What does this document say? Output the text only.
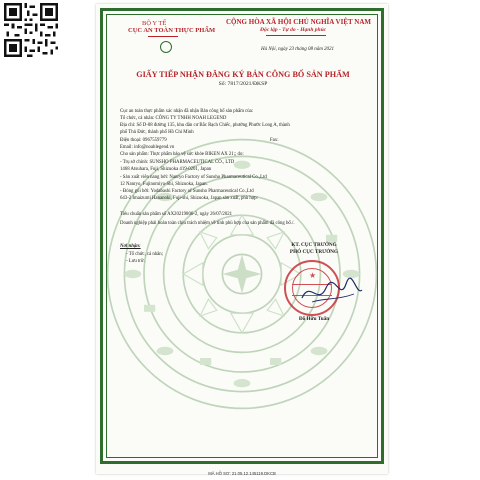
BỘ Y TẾ
CỤC AN TOÀN THỰC PHẨM
CỘNG HÒA XÃ HỘI CHỦ NGHĨA VIỆT NAM
Độc lập - Tự do - Hạnh phúc
Hà Nội, ngày 23 tháng 08 năm 2021
GIẤY TIẾP NHẬN ĐĂNG KÝ BẢN CÔNG BỐ SẢN PHẨM
Số: 7817/2021/ĐKSP
Cục an toàn thực phẩm xác nhận đã nhận Bản công bố sản phẩm của:
Tổ chức, cá nhân: CÔNG TY TNHH NOAH LEGEND
Địa chỉ: Số D-08 đường 135, khu dân cư Bắc Rạch Chiếc, phường Phước Long A, thành
phố Thủ Đức, thành phố Hồ Chí Minh
Điện thoại: 0967559779	Fax:
Email: info@noahlegend.vn
Cho sản phẩm: Thực phẩm bảo vệ sức khỏe BIKEN AX 21;; do:
- Trụ sở chính: SUNSHO PHARMACEUTICAL CO., LTD
1468 Atsuhara, Fuji, Shizuoka 419-0201, Japan
- Sản xuất viên nang bởi: Nanryo Factory of Sunsho Pharmaceutical Co.,Ltd
12 Nanryo, Fujinomiya-Shi, Shizuoka, Japan.
- Đóng gói bởi: Yodabashi Factory of Sunsho Pharmaceutical Co.,Ltd
643-2 Imaizumi Hananoki, Fuji-shi, Shizuoka, Japan sản xuất, phù hợp:
Tiêu chuẩn sản phẩm số AX20219806-2, ngày 26/07/2021
Doanh nghiệp phải hoàn toàn chịu trách nhiệm về tính phù hợp của sản phẩm đã công bố./.
Nơi nhận:
- Tổ chức, cá nhân;
- Lưu trữ.
KT. CỤC TRƯỞNG
PHÓ CỤC TRƯỞNG
★
Đỗ Hữu Tuấn
MÃ HỒ SƠ: 21.05.12.145119.DKCB
